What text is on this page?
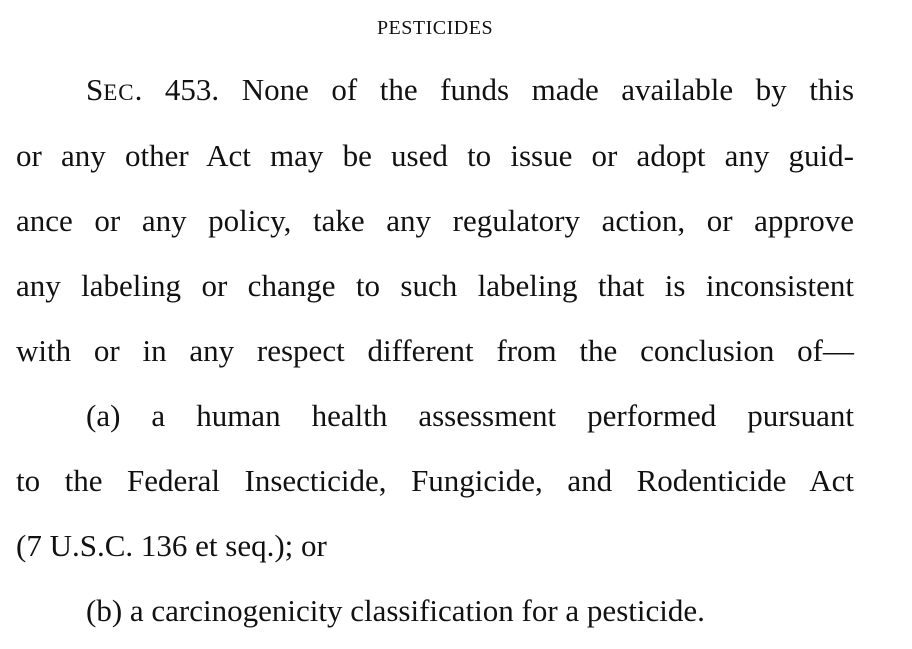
PESTICIDES
SEC. 453. None of the funds made available by this
or any other Act may be used to issue or adopt any guid-
ance or any policy, take any regulatory action, or approve
any labeling or change to such labeling that is inconsistent
with or in any respect different from the conclusion of—
(a) a human health assessment performed pursuant
to the Federal Insecticide, Fungicide, and Rodenticide Act
(7 U.S.C. 136 et seq.); or
(b) a carcinogenicity classification for a pesticide.
